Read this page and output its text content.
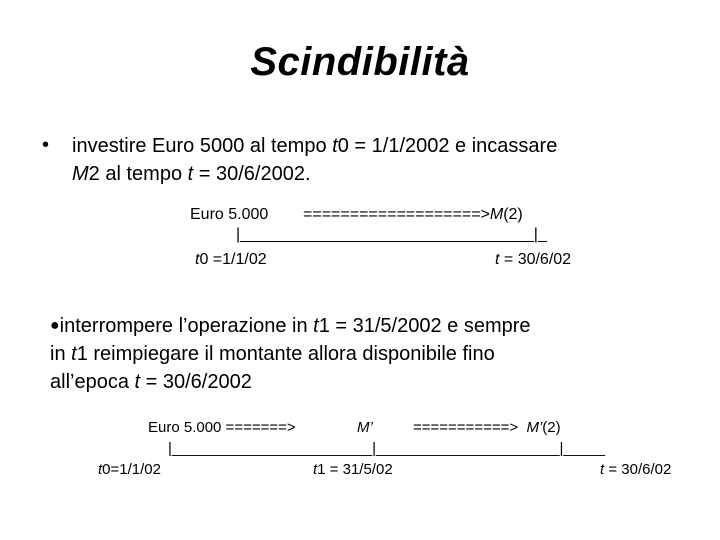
Scindibilità
• investire Euro 5000 al tempo t0 = 1/1/2002 e incassare
M2 al tempo t = 30/6/2002.
Euro 5.000 ===================>M(2)
|_________________________________|_
t0 =1/1/02	t = 30/6/02
●interrompere l’operazione in t1 = 31/5/2002 e sempre
in t1 reimpiegare il montante allora disponibile fino
all’epoca t = 30/6/2002
Euro 5.000 =======>	M’	===========> M’(2)
|________________________|______________________|_____
t0=1/1/02	t1 = 31/5/02	t = 30/6/02
